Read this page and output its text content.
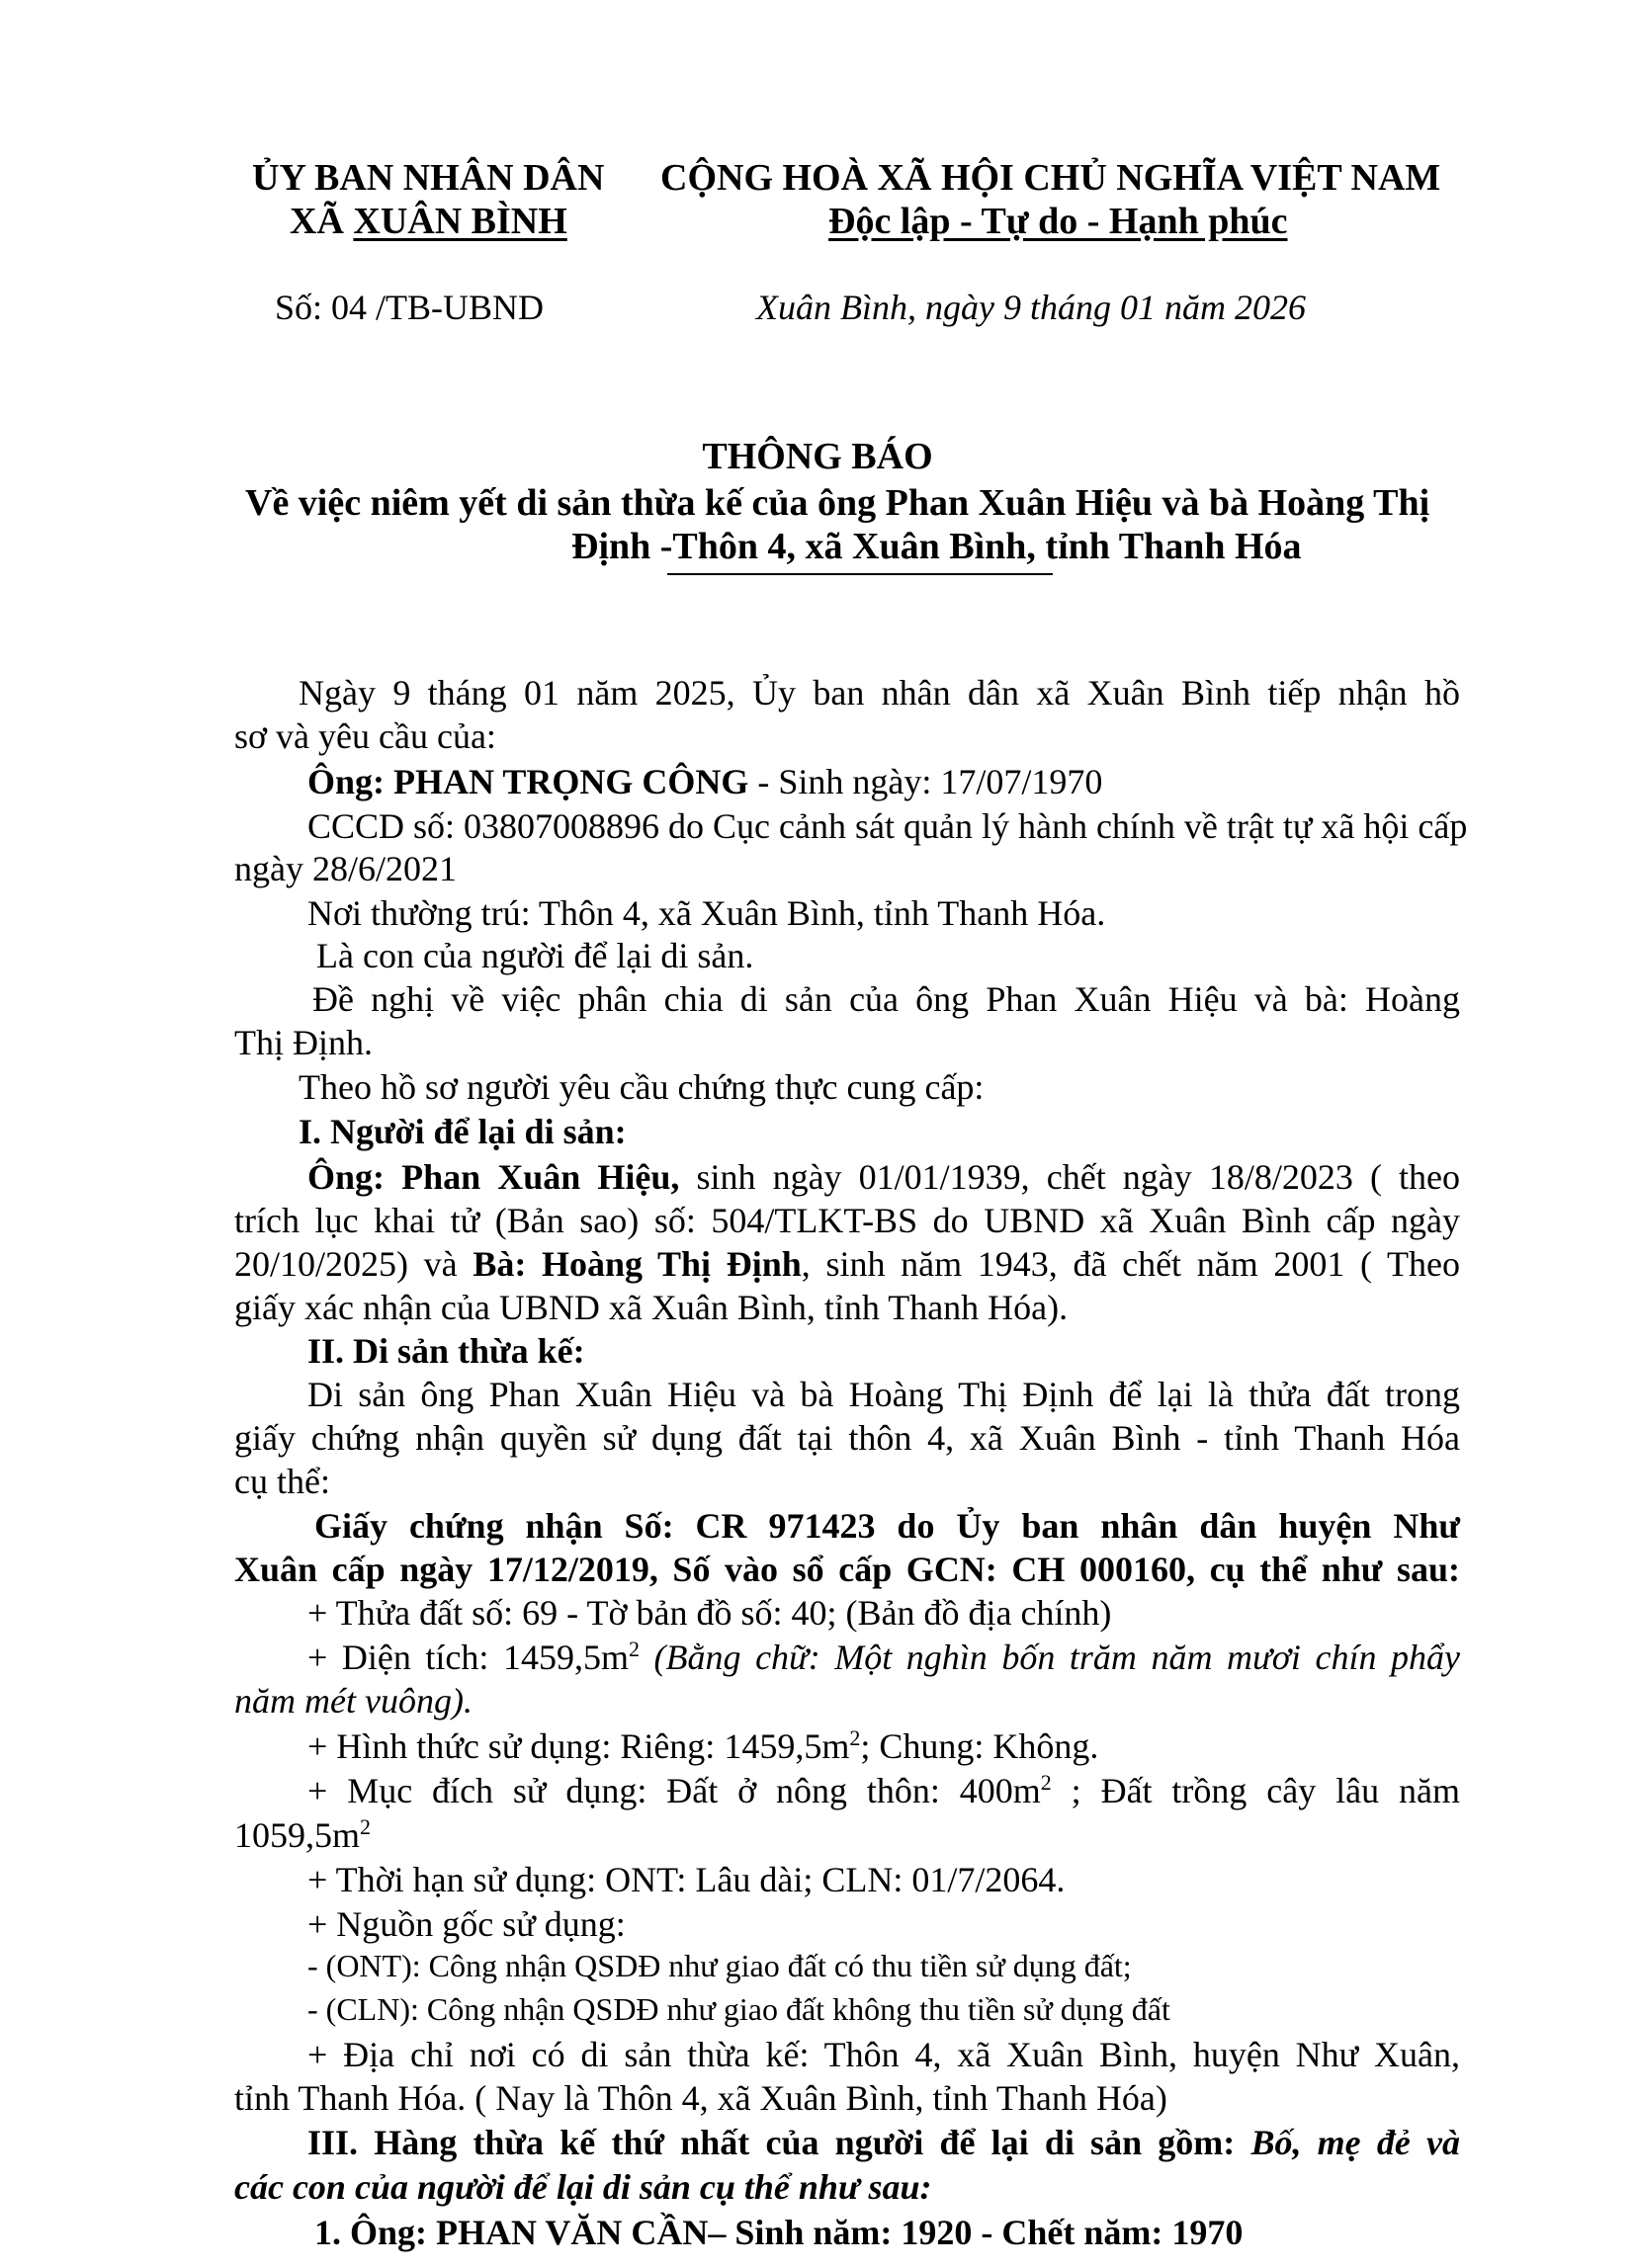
ỦY BAN NHÂN DÂN
XÃ XUÂN BÌNH
CỘNG HOÀ XÃ HỘI CHỦ NGHĨA VIỆT NAM
Độc lập - Tự do - Hạnh phúc
Số: 04 /TB-UBND	Xuân Bình, ngày 9 tháng 01 năm 2026
THÔNG BÁO
Về việc niêm yết di sản thừa kế của ông Phan Xuân Hiệu và bà Hoàng Thị
Định -Thôn 4, xã Xuân Bình, tỉnh Thanh Hóa
Ngày 9 tháng 01 năm 2025, Ủy ban nhân dân xã Xuân Bình tiếp nhận hồ
sơ và yêu cầu của:
Ông: PHAN TRỌNG CÔNG - Sinh ngày: 17/07/1970
CCCD số: 03807008896 do Cục cảnh sát quản lý hành chính về trật tự xã hội cấp
ngày 28/6/2021
Nơi thường trú: Thôn 4, xã Xuân Bình, tỉnh Thanh Hóa.
Là con của người để lại di sản.
Đề nghị về việc phân chia di sản của ông Phan Xuân Hiệu và bà: Hoàng
Thị Định.
Theo hồ sơ người yêu cầu chứng thực cung cấp:
I. Người để lại di sản:
Ông: Phan Xuân Hiệu, sinh ngày 01/01/1939, chết ngày 18/8/2023 ( theo
trích lục khai tử (Bản sao) số: 504/TLKT-BS do UBND xã Xuân Bình cấp ngày
20/10/2025) và Bà: Hoàng Thị Định, sinh năm 1943, đã chết năm 2001 ( Theo
giấy xác nhận của UBND xã Xuân Bình, tỉnh Thanh Hóa).
II. Di sản thừa kế:
Di sản ông Phan Xuân Hiệu và bà Hoàng Thị Định để lại là thửa đất trong
giấy chứng nhận quyền sử dụng đất tại thôn 4, xã Xuân Bình - tỉnh Thanh Hóa
cụ thể:
Giấy chứng nhận Số: CR 971423 do Ủy ban nhân dân huyện Như
Xuân cấp ngày 17/12/2019, Số vào sổ cấp GCN: CH 000160, cụ thể như sau:
+ Thửa đất số: 69 - Tờ bản đồ số: 40; (Bản đồ địa chính)
+ Diện tích: $1459,5m^2$ (Bằng chữ: Một nghìn bốn trăm năm mươi chín phẩy
năm mét vuông).
+ Hình thức sử dụng: Riêng: $1459,5m^2$; Chung: Không.
+ Mục đích sử dụng: Đất ở nông thôn: $400m^2$ ; Đất trồng cây lâu năm
$1059,5m^2$
+ Thời hạn sử dụng: ONT: Lâu dài; CLN: 01/7/2064.
+ Nguồn gốc sử dụng:
- (ONT): Công nhận QSDĐ như giao đất có thu tiền sử dụng đất;
- (CLN): Công nhận QSDĐ như giao đất không thu tiền sử dụng đất
+ Địa chỉ nơi có di sản thừa kế: Thôn 4, xã Xuân Bình, huyện Như Xuân,
tỉnh Thanh Hóa. ( Nay là Thôn 4, xã Xuân Bình, tỉnh Thanh Hóa)
III. Hàng thừa kế thứ nhất của người để lại di sản gồm: Bố, mẹ đẻ và
các con của người để lại di sản cụ thể như sau:
1. Ông: PHAN VĂN CẦN– Sinh năm: 1920 - Chết năm: 1970
